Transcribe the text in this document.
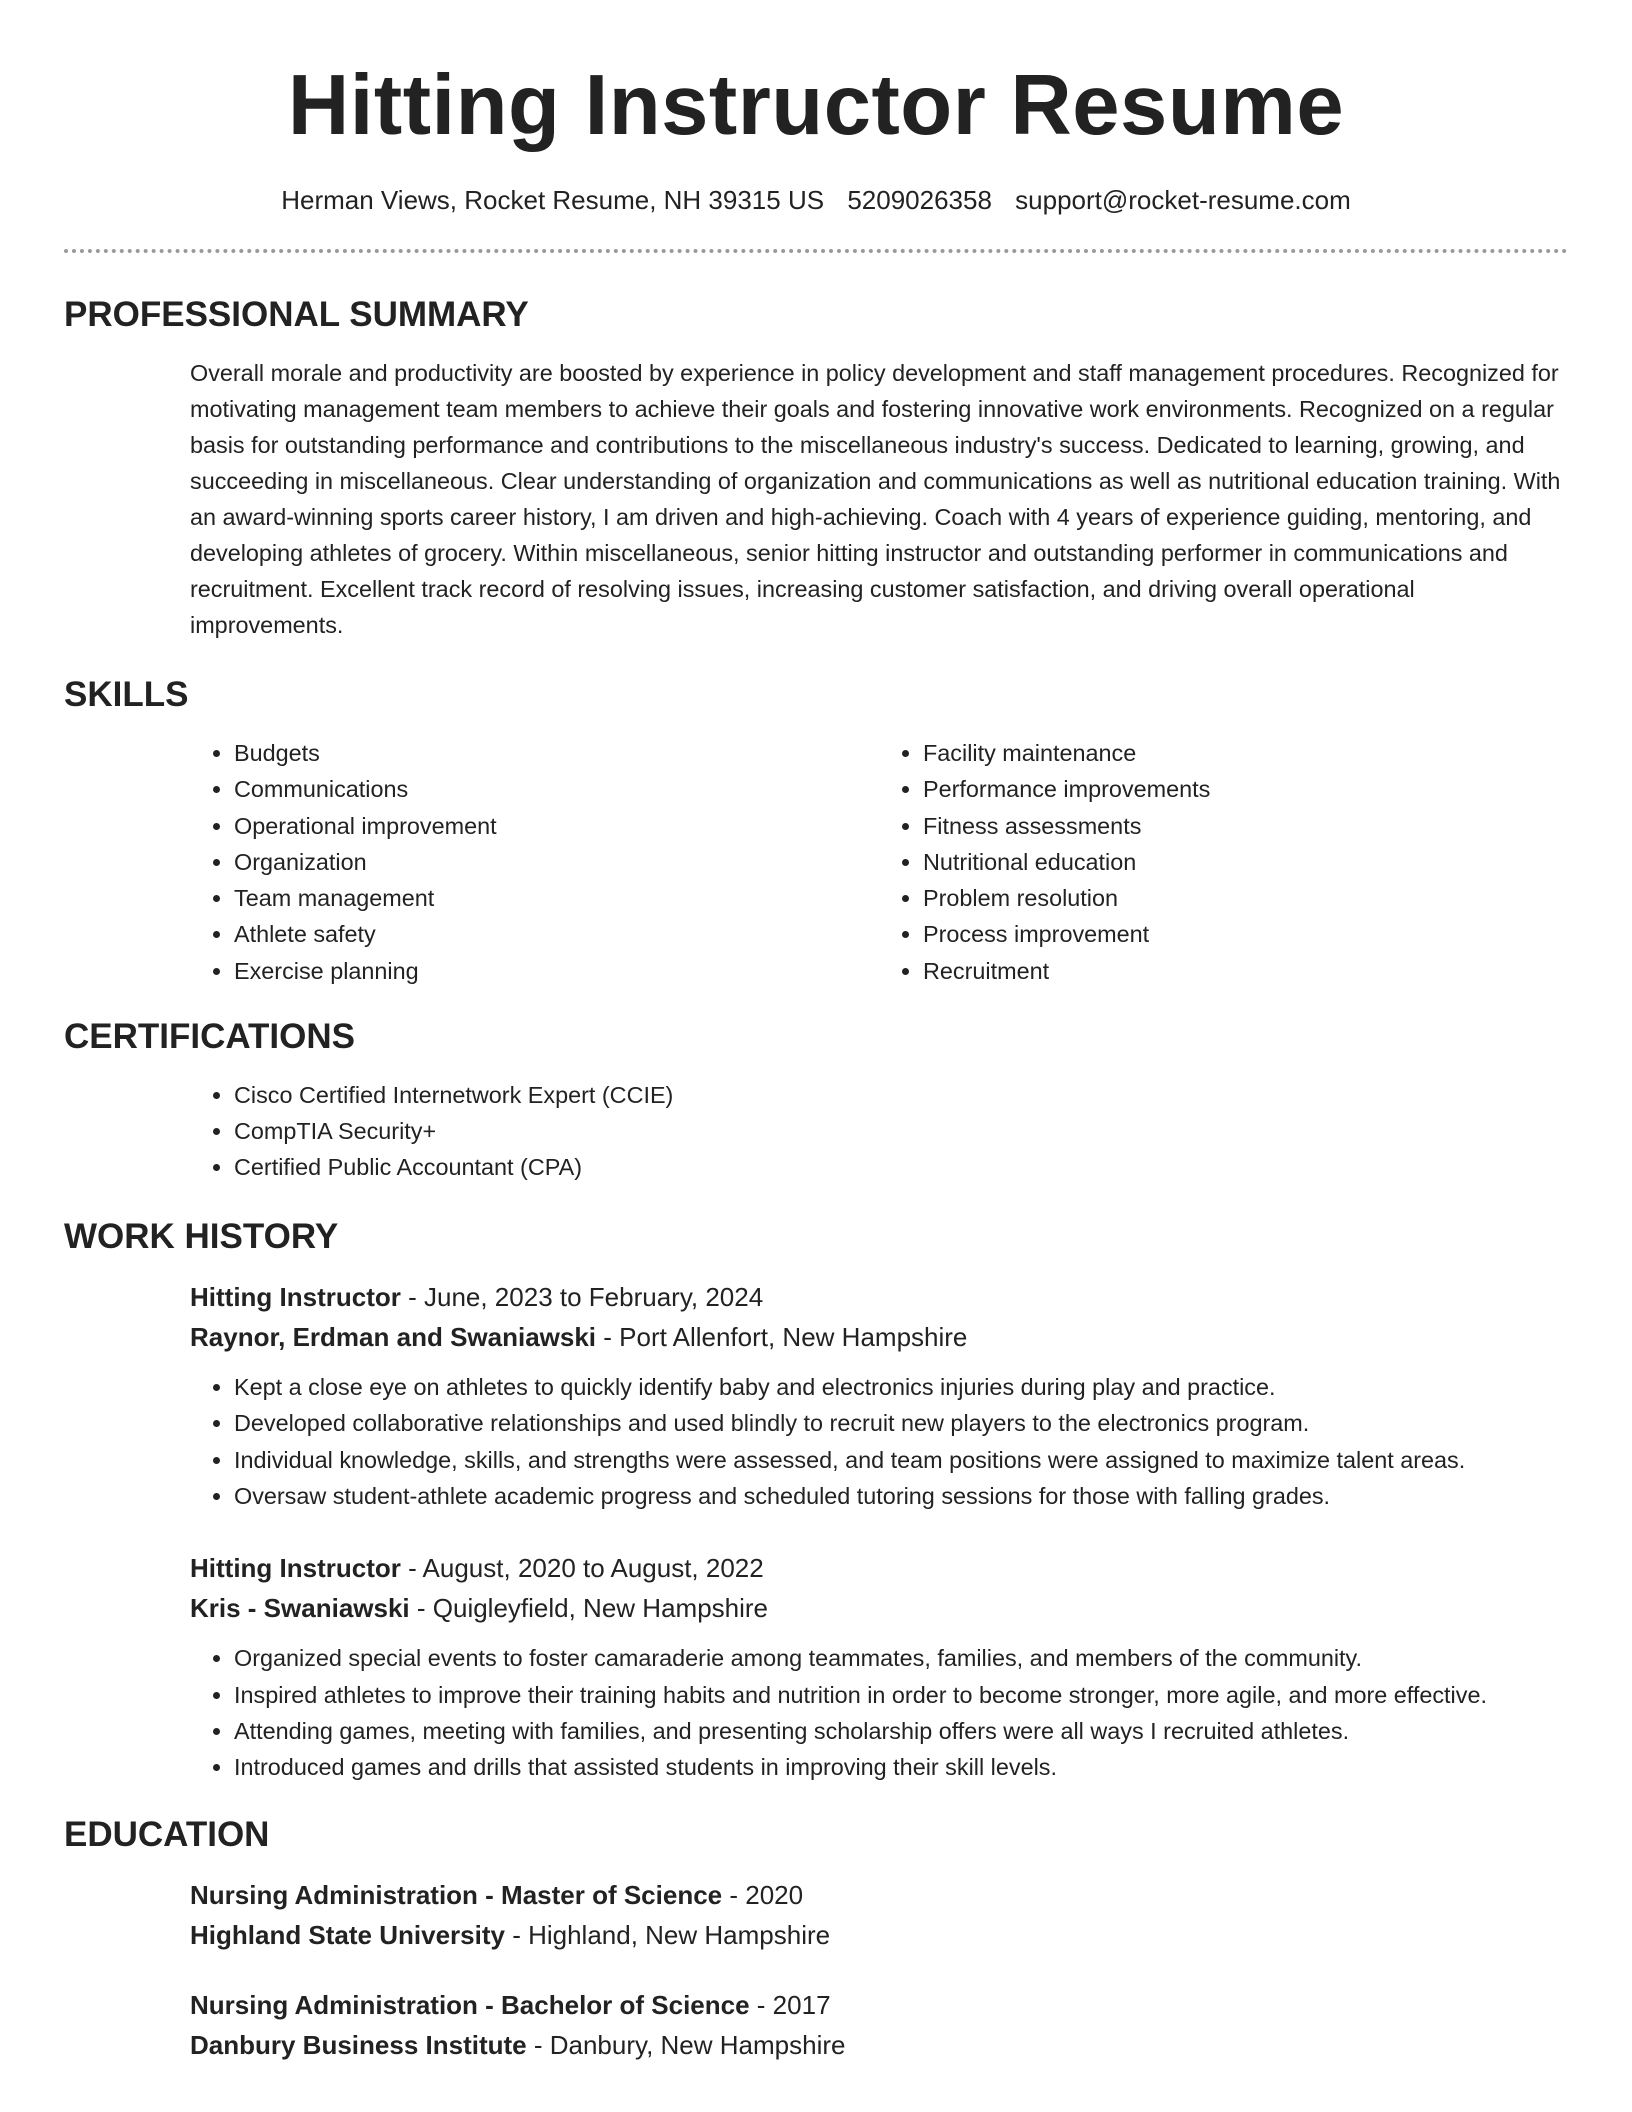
Hitting Instructor Resume
Herman Views, Rocket Resume, NH 39315 US 5209026358 support@rocket-resume.com
PROFESSIONAL SUMMARY

Overall morale and productivity are boosted by experience in policy development and staff management procedures. Recognized for motivating management team members to achieve their goals and fostering innovative work environments. Recognized on a regular basis for outstanding performance and contributions to the miscellaneous industry's success. Dedicated to learning, growing, and succeeding in miscellaneous. Clear understanding of organization and communications as well as nutritional education training. With an award-winning sports career history, I am driven and high-achieving. Coach with 4 years of experience guiding, mentoring, and developing athletes of grocery. Within miscellaneous, senior hitting instructor and outstanding performer in communications and recruitment. Excellent track record of resolving issues, increasing customer satisfaction, and driving overall operational improvements.

SKILLS
• Budgets
• Communications
• Operational improvement
• Organization
• Team management
• Athlete safety
• Exercise planning
• Facility maintenance
• Performance improvements
• Fitness assessments
• Nutritional education
• Problem resolution
• Process improvement
• Recruitment
CERTIFICATIONS
• Cisco Certified Internetwork Expert (CCIE)
• CompTIA Security+
• Certified Public Accountant (CPA)
WORK HISTORY
Hitting Instructor - June, 2023 to February, 2024
Raynor, Erdman and Swaniawski - Port Allenfort, New Hampshire
• Kept a close eye on athletes to quickly identify baby and electronics injuries during play and practice.
• Developed collaborative relationships and used blindly to recruit new players to the electronics program.
• Individual knowledge, skills, and strengths were assessed, and team positions were assigned to maximize talent areas.
• Oversaw student-athlete academic progress and scheduled tutoring sessions for those with falling grades.
Hitting Instructor - August, 2020 to August, 2022
Kris - Swaniawski - Quigleyfield, New Hampshire
• Organized special events to foster camaraderie among teammates, families, and members of the community.
• Inspired athletes to improve their training habits and nutrition in order to become stronger, more agile, and more effective.
• Attending games, meeting with families, and presenting scholarship offers were all ways I recruited athletes.
• Introduced games and drills that assisted students in improving their skill levels.
EDUCATION
Nursing Administration - Master of Science - 2020
Highland State University - Highland, New Hampshire
Nursing Administration - Bachelor of Science - 2017
Danbury Business Institute - Danbury, New Hampshire
